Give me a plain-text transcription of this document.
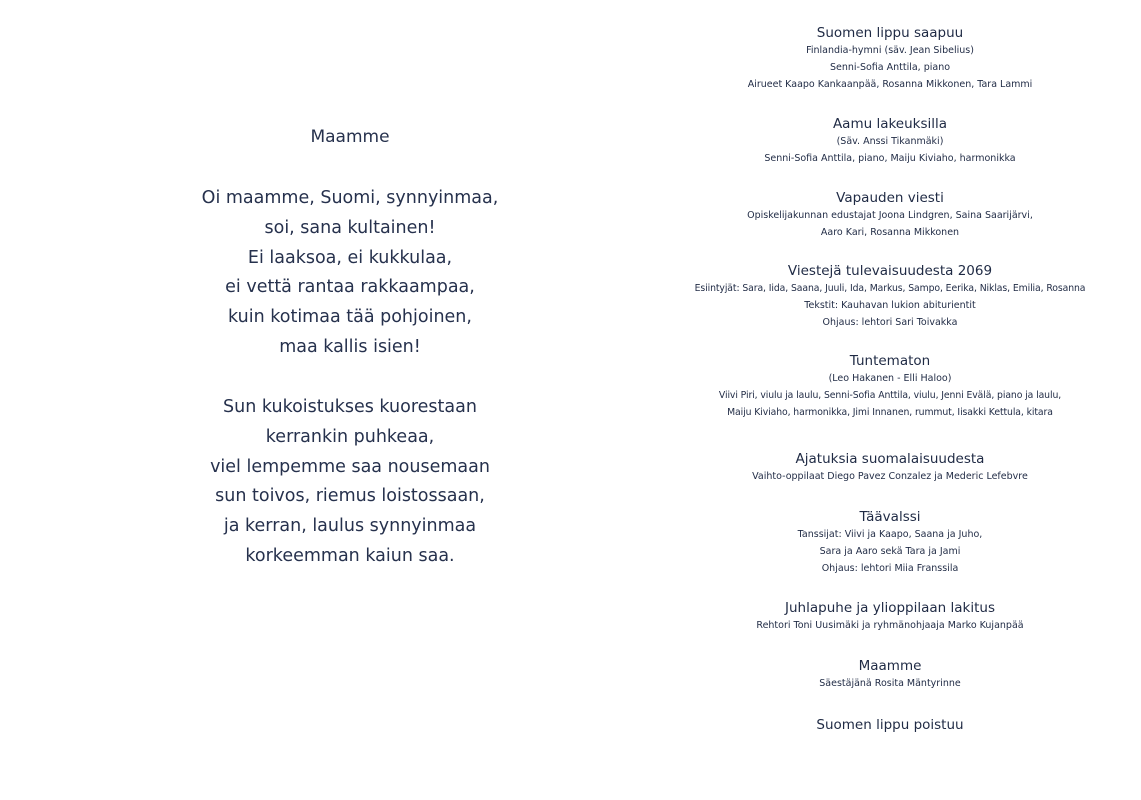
Maamme
Oi maamme, Suomi, synnyinmaa,
soi, sana kultainen!
Ei laaksoa, ei kukkulaa,
ei vettä rantaa rakkaampaa,
kuin kotimaa tää pohjoinen,
maa kallis isien!
Sun kukoistukses kuorestaan
kerrankin puhkeaa,
viel lempemme saa nousemaan
sun toivos, riemus loistossaan,
ja kerran, laulus synnyinmaa
korkeemman kaiun saa.
Suomen lippu saapuu
Finlandia-hymni (säv. Jean Sibelius)
Senni-Sofia Anttila, piano
Airueet Kaapo Kankaanpää, Rosanna Mikkonen, Tara Lammi
Aamu lakeuksilla
(Säv. Anssi Tikanmäki)
Senni-Sofia Anttila, piano, Maiju Kiviaho, harmonikka
Vapauden viesti
Opiskelijakunnan edustajat Joona Lindgren, Saina Saarijärvi,
Aaro Kari, Rosanna Mikkonen
Viestejä tulevaisuudesta 2069
Esiintyjät: Sara, Iida, Saana, Juuli, Ida, Markus, Sampo, Eerika, Niklas, Emilia, Rosanna
Tekstit: Kauhavan lukion abiturientit
Ohjaus: lehtori Sari Toivakka
Tuntematon
(Leo Hakanen - Elli Haloo)
Viivi Piri, viulu ja laulu, Senni-Sofia Anttila, viulu, Jenni Evälä, piano ja laulu,
Maiju Kiviaho, harmonikka, Jimi Innanen, rummut, Iisakki Kettula, kitara
Ajatuksia suomalaisuudesta
Vaihto-oppilaat Diego Pavez Conzalez ja Mederic Lefebvre
Täävalssi
Tanssijat: Viivi ja Kaapo, Saana ja Juho,
Sara ja Aaro sekä Tara ja Jami
Ohjaus: lehtori Miia Franssila
Juhlapuhe ja ylioppilaan lakitus
Rehtori Toni Uusimäki ja ryhmänohjaaja Marko Kujanpää
Maamme
Säestäjänä Rosita Mäntyrinne
Suomen lippu poistuu
